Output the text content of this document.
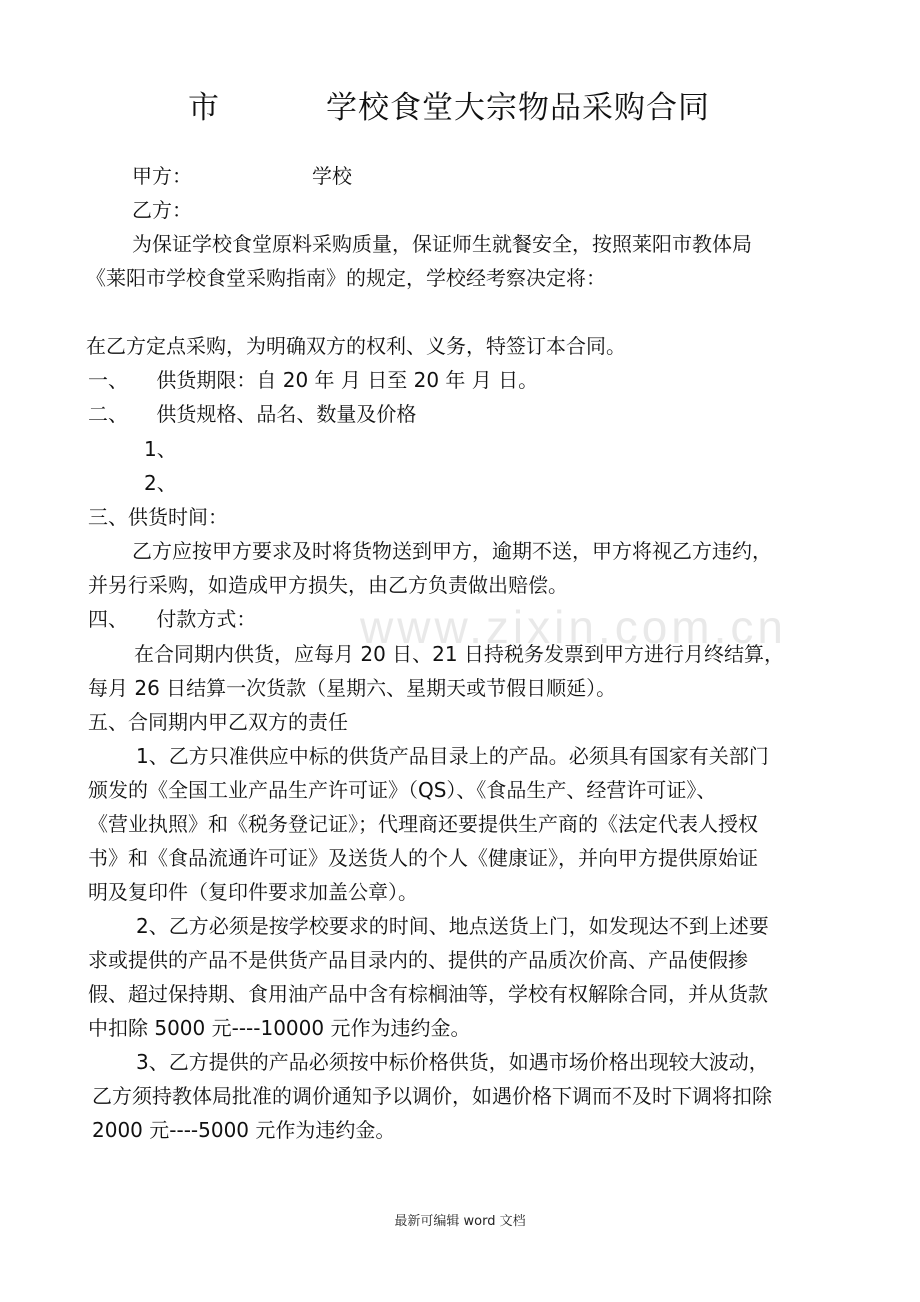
www.zixin.com.cn
市	学校食堂大宗物品采购合同
甲方：	学校
乙方：
为保证学校食堂原料采购质量，保证师生就餐安全，按照莱阳市教体局
《莱阳市学校食堂采购指南》的规定，学校经考察决定将：
在乙方定点采购，为明确双方的权利、义务，特签订本合同。
一、 供货期限：自 20 年 月 日至 20 年 月 日。
二、 供货规格、品名、数量及价格
1、
2、
三、供货时间：
乙方应按甲方要求及时将货物送到甲方，逾期不送，甲方将视乙方违约，
并另行采购，如造成甲方损失，由乙方负责做出赔偿。
四、 付款方式：
在合同期内供货，应每月 20 日、21 日持税务发票到甲方进行月终结算，
每月 26 日结算一次货款（星期六、星期天或节假日顺延）。
五、合同期内甲乙双方的责任
1、乙方只准供应中标的供货产品目录上的产品。必须具有国家有关部门
颁发的《全国工业产品生产许可证》（QS）、《食品生产、经营许可证》、
《营业执照》和《税务登记证》；代理商还要提供生产商的《法定代表人授权
书》和《食品流通许可证》及送货人的个人《健康证》，并向甲方提供原始证
明及复印件（复印件要求加盖公章）。
2、乙方必须是按学校要求的时间、地点送货上门，如发现达不到上述要
求或提供的产品不是供货产品目录内的、提供的产品质次价高、产品使假掺
假、超过保持期、食用油产品中含有棕榈油等，学校有权解除合同，并从货款
中扣除 5000 元----10000 元作为违约金。
3、乙方提供的产品必须按中标价格供货，如遇市场价格出现较大波动，
乙方须持教体局批准的调价通知予以调价，如遇价格下调而不及时下调将扣除
2000 元----5000 元作为违约金。
最新可编辑 word 文档
